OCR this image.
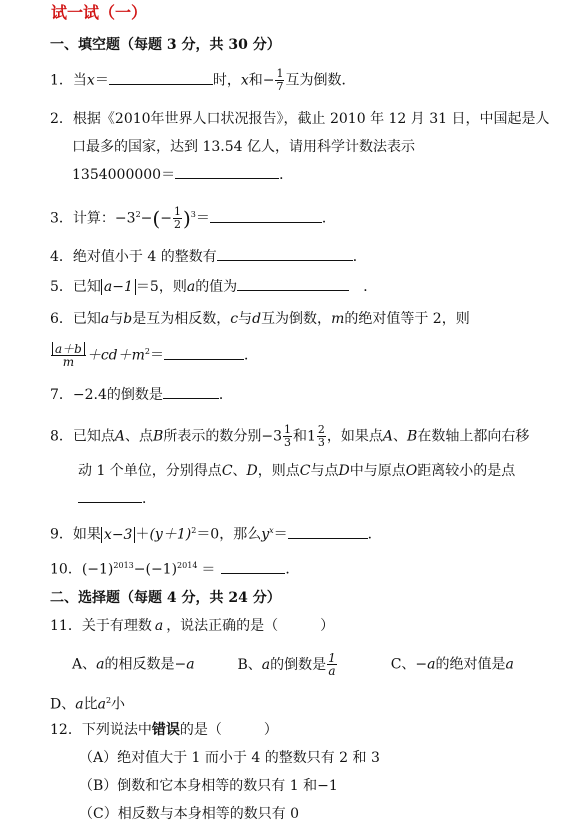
试一试（一）
一、填空题（每题 3 分，共 30 分）
1．当x＝	时，x和− $\frac{1}{7}$ 互为倒数．
2．根据《2010年世界人口状况报告》，截止 2010 年 12 月 31 日，中国起是人
口最多的国家，达到 13.54 亿人，请用科学计数法表示
1354000000＝	．
3．计算：$-3^2-(- \frac{1}{2} )^3=$	．
4．绝对值小于 4 的整数有	．
5．已知 a−1 ＝5，则a的值为	．
6．已知a与b是互为相反数，c与d互为倒数，m的绝对值等于 2，则
$\frac{a+b}{m} +cd+m^2=$	．
7．−2.4的倒数是	．
8．已知点A、点B所表示的数分别$-3 \frac{1}{3}$ 和$1 \frac{2}{3}$ ，如果点A、B在数轴上都向右移
动 1 个单位，分别得点C、D，则点C与点D中与原点O距离较小的是点
．
9．如果 $x-3 +(y+1)^2=0$，那么$y^x=$	．
10．$(-1)^{2013}-(-1)^{2014}$ ＝	．
二、选择题（每题 4 分，共 24 分）
11．关于有理数 a ，说法正确的是（　　　）
A、a的相反数是−a	B、a的倒数是 $\frac{1}{a}$	C、−a的绝对值是a
D、a比$a^2$小
12．下列说法中错误的是（　　　）
（A）绝对值大于 1 而小于 4 的整数只有 2 和 3
（B）倒数和它本身相等的数只有 1 和−1
（C）相反数与本身相等的数只有 0
